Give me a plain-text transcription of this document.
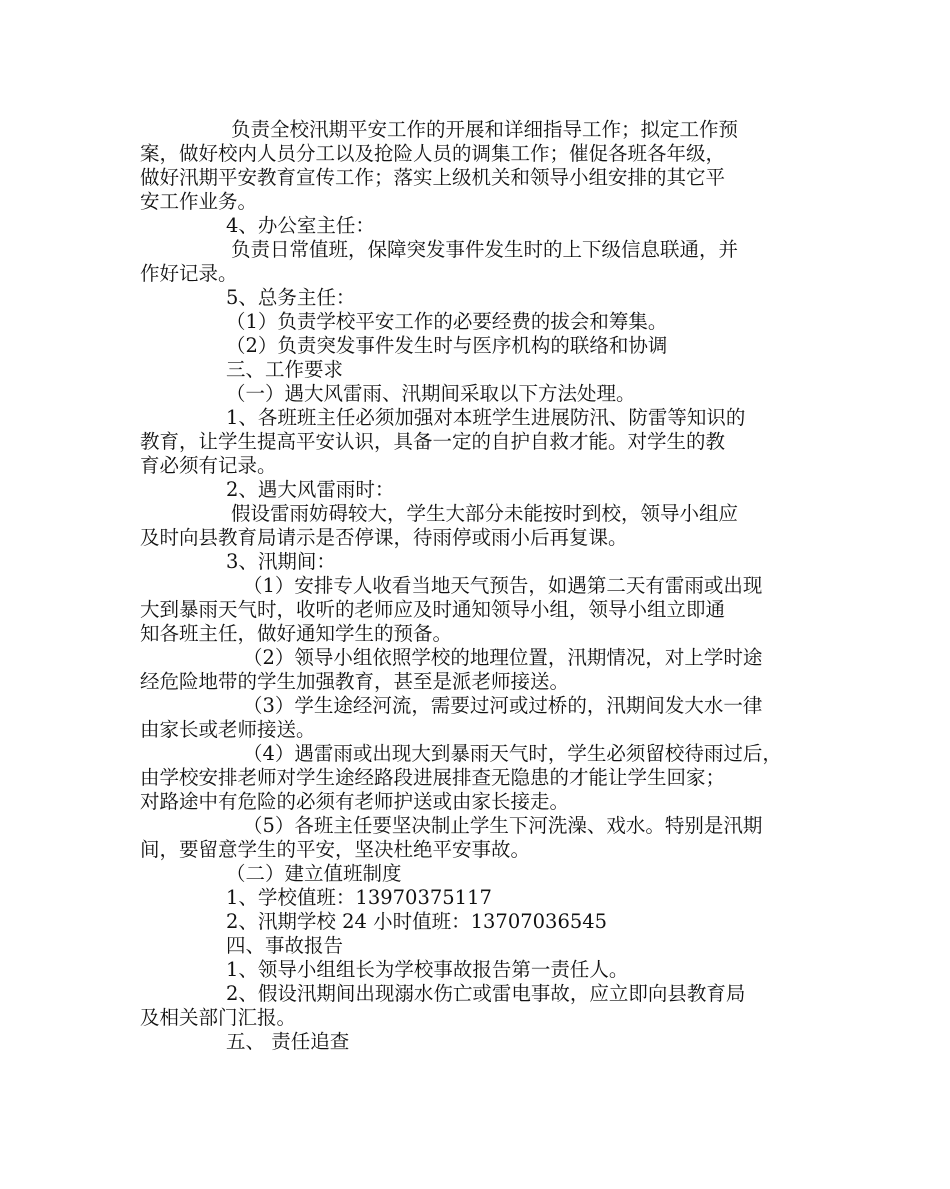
负责全校汛期平安工作的开展和详细指导工作；拟定工作预
案，做好校内人员分工以及抢险人员的调集工作；催促各班各年级，
做好汛期平安教育宣传工作；落实上级机关和领导小组安排的其它平
安工作业务。
4、办公室主任：
负责日常值班，保障突发事件发生时的上下级信息联通，并
作好记录。
5、总务主任：
（1）负责学校平安工作的必要经费的拔会和筹集。
（2）负责突发事件发生时与医序机构的联络和协调
三、工作要求
（一）遇大风雷雨、汛期间采取以下方法处理。
1、各班班主任必须加强对本班学生进展防汛、防雷等知识的
教育，让学生提高平安认识，具备一定的自护自救才能。对学生的教
育必须有记录。
2、遇大风雷雨时：
假设雷雨妨碍较大，学生大部分未能按时到校，领导小组应
及时向县教育局请示是否停课，待雨停或雨小后再复课。
3、汛期间：
（1）安排专人收看当地天气预告，如遇第二天有雷雨或出现
大到暴雨天气时，收听的老师应及时通知领导小组，领导小组立即通
知各班主任，做好通知学生的预备。
（2）领导小组依照学校的地理位置，汛期情况，对上学时途
经危险地带的学生加强教育，甚至是派老师接送。
（3）学生途经河流，需要过河或过桥的，汛期间发大水一律
由家长或老师接送。
（4）遇雷雨或出现大到暴雨天气时，学生必须留校待雨过后，
由学校安排老师对学生途经路段进展排查无隐患的才能让学生回家；
对路途中有危险的必须有老师护送或由家长接走。
（5）各班主任要坚决制止学生下河洗澡、戏水。特别是汛期
间，要留意学生的平安，坚决杜绝平安事故。
（二）建立值班制度
1、学校值班：13970375117
2、汛期学校 24 小时值班：13707036545
四、事故报告
1、领导小组组长为学校事故报告第一责任人。
2、假设汛期间出现溺水伤亡或雷电事故，应立即向县教育局
及相关部门汇报。
五、 责任追查
